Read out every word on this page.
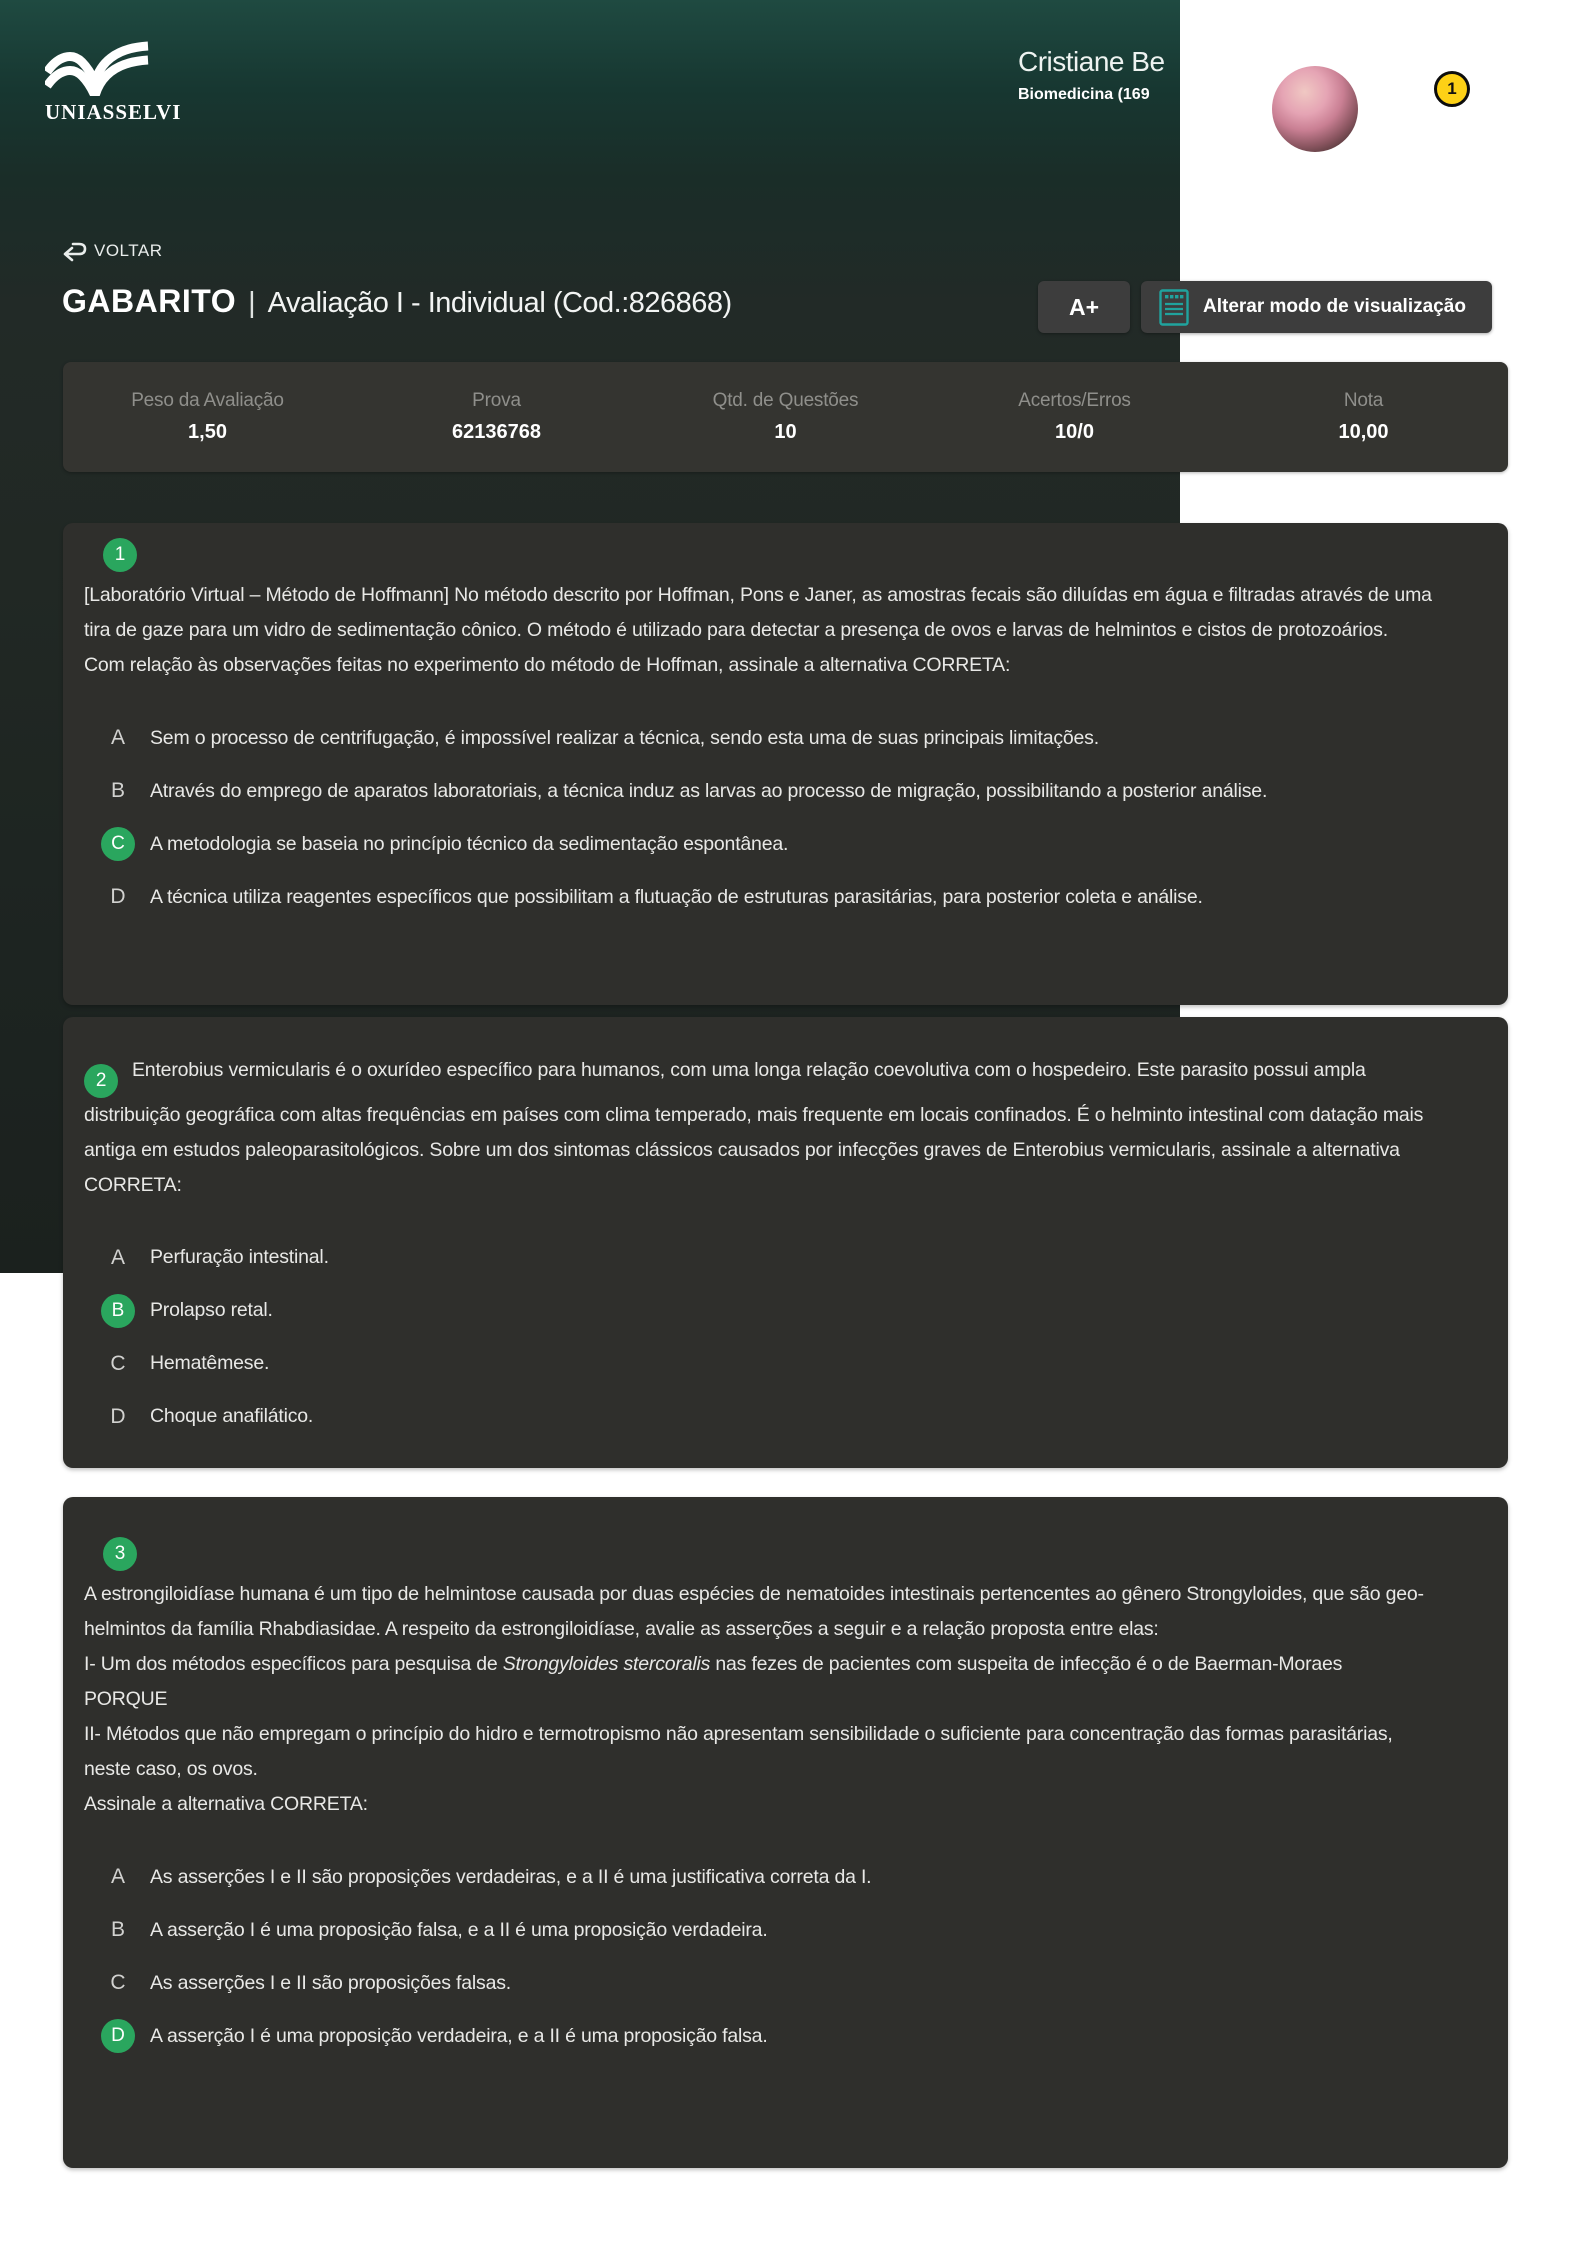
UNIASSELVI
Cristiane Be
Biomedicina (169	1
VOLTAR
GABARITO | Avaliação I - Individual (Cod.:826868)	A+	Alterar modo de visualização
Peso da Avaliação
1,50
Prova
62136768
Qtd. de Questões
10
Acertos/Erros
10/0
Nota
10,00
1

[Laboratório Virtual – Método de Hoffmann] No método descrito por Hoffman, Pons e Janer, as amostras fecais são diluídas em água e filtradas através de uma tira de gaze para um vidro de sedimentação cônico. O método é utilizado para detectar a presença de ovos e larvas de helmintos e cistos de protozoários.

Com relação às observações feitas no experimento do método de Hoffman, assinale a alternativa CORRETA:

A	Sem o processo de centrifugação, é impossível realizar a técnica, sendo esta uma de suas principais limitações.
B	Através do emprego de aparatos laboratoriais, a técnica induz as larvas ao processo de migração, possibilitando a posterior análise.
C	A metodologia se baseia no princípio técnico da sedimentação espontânea.
D	A técnica utiliza reagentes específicos que possibilitam a flutuação de estruturas parasitárias, para posterior coleta e análise.

2 Enterobius vermicularis é o oxurídeo específico para humanos, com uma longa relação coevolutiva com o hospedeiro. Este parasito possui ampla distribuição geográfica com altas frequências em países com clima temperado, mais frequente em locais confinados. É o helminto intestinal com datação mais antiga em estudos paleoparasitológicos. Sobre um dos sintomas clássicos causados por infecções graves de Enterobius vermicularis, assinale a alternativa CORRETA:

A	Perfuração intestinal.
B	Prolapso retal.
C	Hematêmese.
D	Choque anafilático.
3

A estrongiloidíase humana é um tipo de helmintose causada por duas espécies de nematoides intestinais pertencentes ao gênero Strongyloides, que são geo-helmintos da família Rhabdiasidae. A respeito da estrongiloidíase, avalie as asserções a seguir e a relação proposta entre elas:

I- Um dos métodos específicos para pesquisa de Strongyloides stercoralis nas fezes de pacientes com suspeita de infecção é o de Baerman-Moraes

PORQUE

II- Métodos que não empregam o princípio do hidro e termotropismo não apresentam sensibilidade o suficiente para concentração das formas parasitárias, neste caso, os ovos.

Assinale a alternativa CORRETA:

A	As asserções I e II são proposições verdadeiras, e a II é uma justificativa correta da I.
B	A asserção I é uma proposição falsa, e a II é uma proposição verdadeira.
C	As asserções I e II são proposições falsas.
D	A asserção I é uma proposição verdadeira, e a II é uma proposição falsa.
